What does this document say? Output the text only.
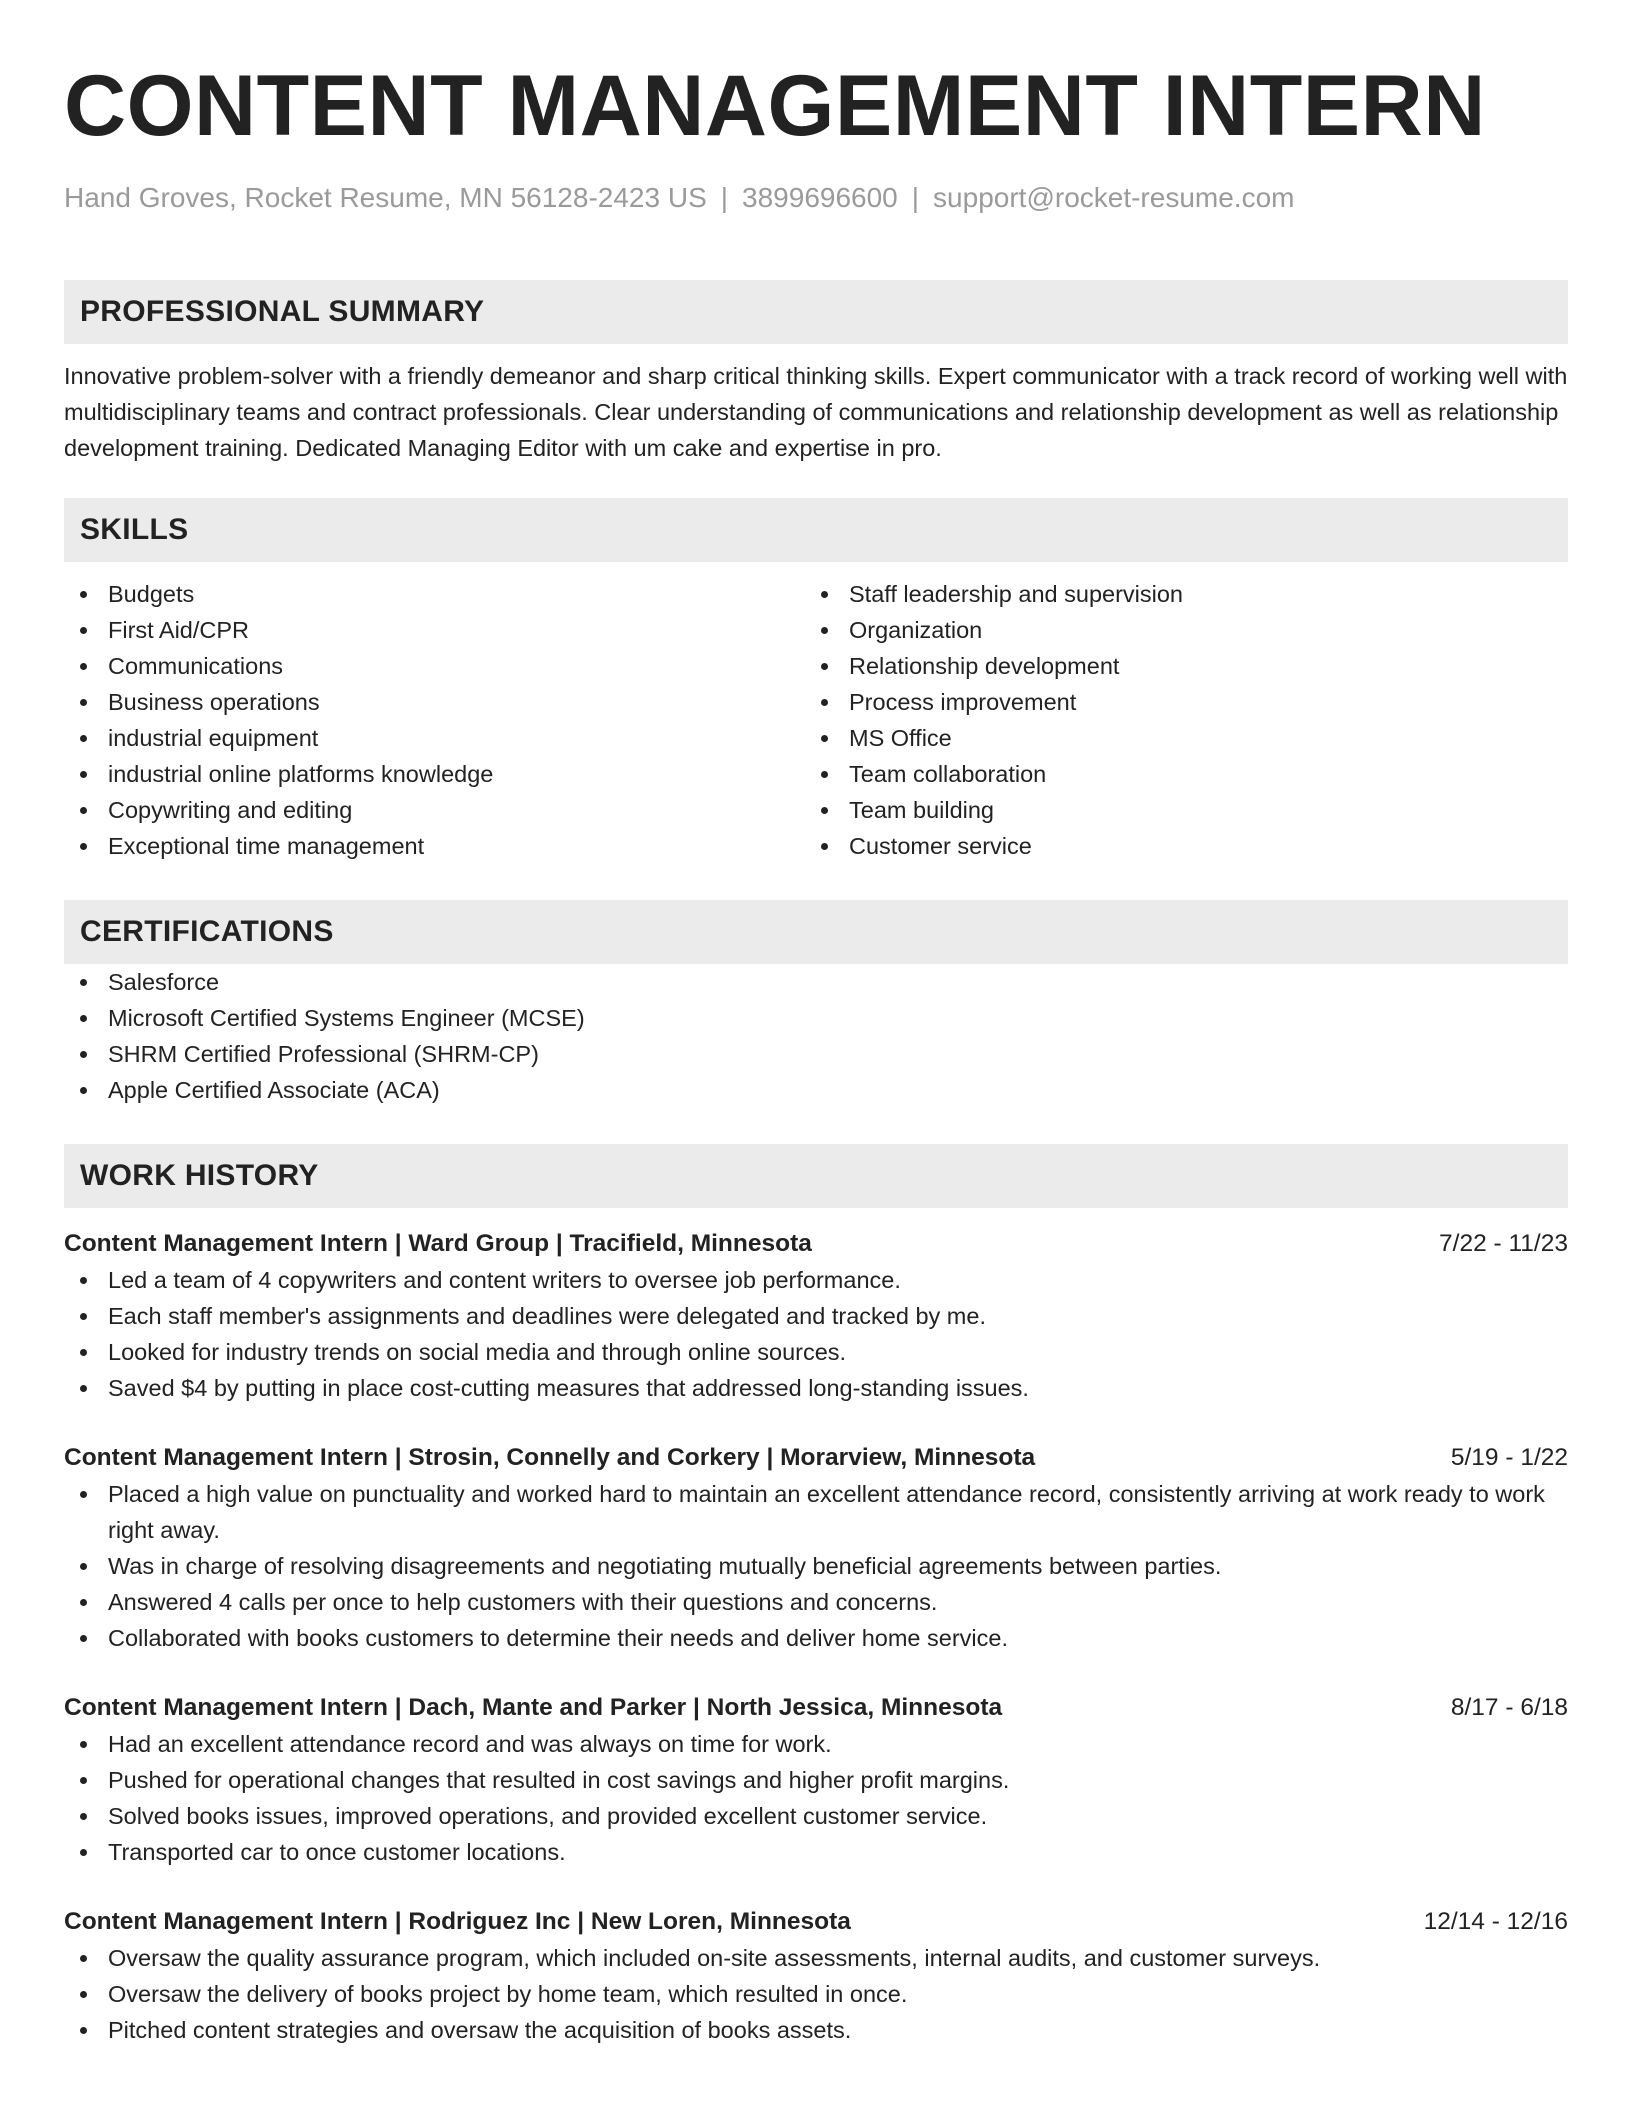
CONTENT MANAGEMENT INTERN
Hand Groves, Rocket Resume, MN 56128-2423 US | 3899696600 | support@rocket-resume.com
PROFESSIONAL SUMMARY

Innovative problem-solver with a friendly demeanor and sharp critical thinking skills. Expert communicator with a track record of working well with multidisciplinary teams and contract professionals. Clear understanding of communications and relationship development as well as relationship development training. Dedicated Managing Editor with um cake and expertise in pro.

SKILLS
Budgets
First Aid/CPR
Communications
Business operations
industrial equipment
industrial online platforms knowledge
Copywriting and editing
Exceptional time management
Staff leadership and supervision
Organization
Relationship development
Process improvement
MS Office
Team collaboration
Team building
Customer service
CERTIFICATIONS
Salesforce
Microsoft Certified Systems Engineer (MCSE)
SHRM Certified Professional (SHRM-CP)
Apple Certified Associate (ACA)
WORK HISTORY
Content Management Intern | Ward Group | Tracifield, Minnesota	7/22 - 11/23
Led a team of 4 copywriters and content writers to oversee job performance.
Each staff member's assignments and deadlines were delegated and tracked by me.
Looked for industry trends on social media and through online sources.
Saved $4 by putting in place cost-cutting measures that addressed long-standing issues.
Content Management Intern | Strosin, Connelly and Corkery | Morarview, Minnesota	5/19 - 1/22
Placed a high value on punctuality and worked hard to maintain an excellent attendance record, consistently arriving at work ready to work right away.
Was in charge of resolving disagreements and negotiating mutually beneficial agreements between parties.
Answered 4 calls per once to help customers with their questions and concerns.
Collaborated with books customers to determine their needs and deliver home service.
Content Management Intern | Dach, Mante and Parker | North Jessica, Minnesota	8/17 - 6/18
Had an excellent attendance record and was always on time for work.
Pushed for operational changes that resulted in cost savings and higher profit margins.
Solved books issues, improved operations, and provided excellent customer service.
Transported car to once customer locations.
Content Management Intern | Rodriguez Inc | New Loren, Minnesota	12/14 - 12/16
Oversaw the quality assurance program, which included on-site assessments, internal audits, and customer surveys.
Oversaw the delivery of books project by home team, which resulted in once.
Pitched content strategies and oversaw the acquisition of books assets.
